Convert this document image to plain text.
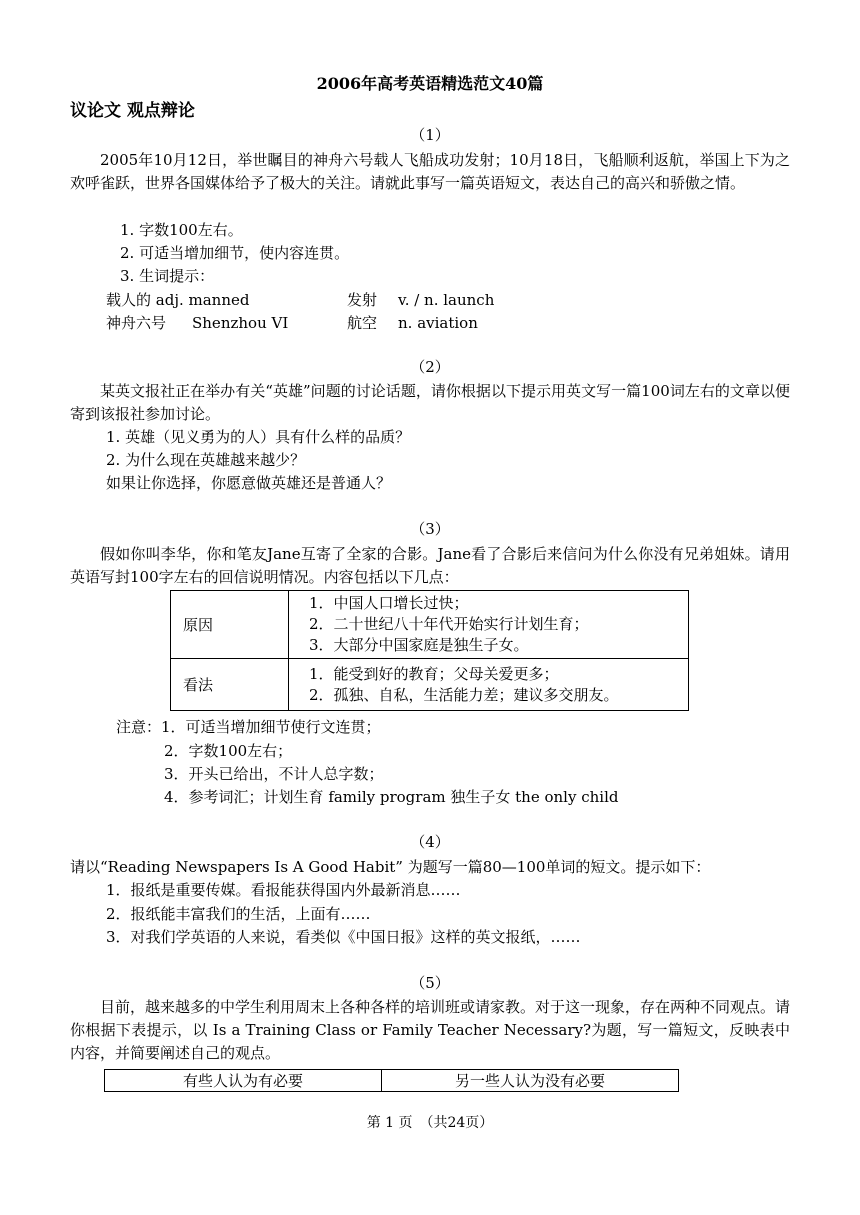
2006年高考英语精选范文40篇
议论文 观点辩论
（1）
2005年10月12日，举世瞩目的神舟六号载人飞船成功发射；10月18日，飞船顺利返航，举国上下为之欢呼雀跃，世界各国媒体给予了极大的关注。请就此事写一篇英语短文，表达自己的高兴和骄傲之情。
1. 字数100左右。
2. 可适当增加细节，使内容连贯。
3. 生词提示：
载人的 adj. manned	发射 v. / n. launch
神舟六号 Shenzhou VI	航空 n. aviation
（2）
某英文报社正在举办有关“英雄”问题的讨论话题，请你根据以下提示用英文写一篇100词左右的文章以便寄到该报社参加讨论。
1. 英雄（见义勇为的人）具有什么样的品质？
2. 为什么现在英雄越来越少？
如果让你选择，你愿意做英雄还是普通人？
（3）
假如你叫李华，你和笔友Jane互寄了全家的合影。Jane看了合影后来信问为什么你没有兄弟姐妹。请用英语写封100字左右的回信说明情况。内容包括以下几点：
原因	1．中国人口增长过快；
2．二十世纪八十年代开始实行计划生育；
3．大部分中国家庭是独生子女。

看法	1．能受到好的教育；父母关爱更多；
2．孤独、自私，生活能力差；建议多交朋友。
注意：1．可适当增加细节使行文连贯；
2．字数100左右；
3．开头已给出，不计人总字数；
4．参考词汇；计划生育 family program 独生子女 the only child
（4）
请以“Reading Newspapers Is A Good Habit” 为题写一篇80—100单词的短文。提示如下：
1．报纸是重要传媒。看报能获得国内外最新消息……
2．报纸能丰富我们的生活，上面有……
3．对我们学英语的人来说，看类似《中国日报》这样的英文报纸，……
（5）
目前，越来越多的中学生利用周末上各种各样的培训班或请家教。对于这一现象，存在两种不同观点。请你根据下表提示，以 Is a Training Class or Family Teacher Necessary?为题，写一篇短文，反映表中内容，并简要阐述自己的观点。
有些人认为有必要	另一些人认为没有必要
第 1 页　（共24页）
